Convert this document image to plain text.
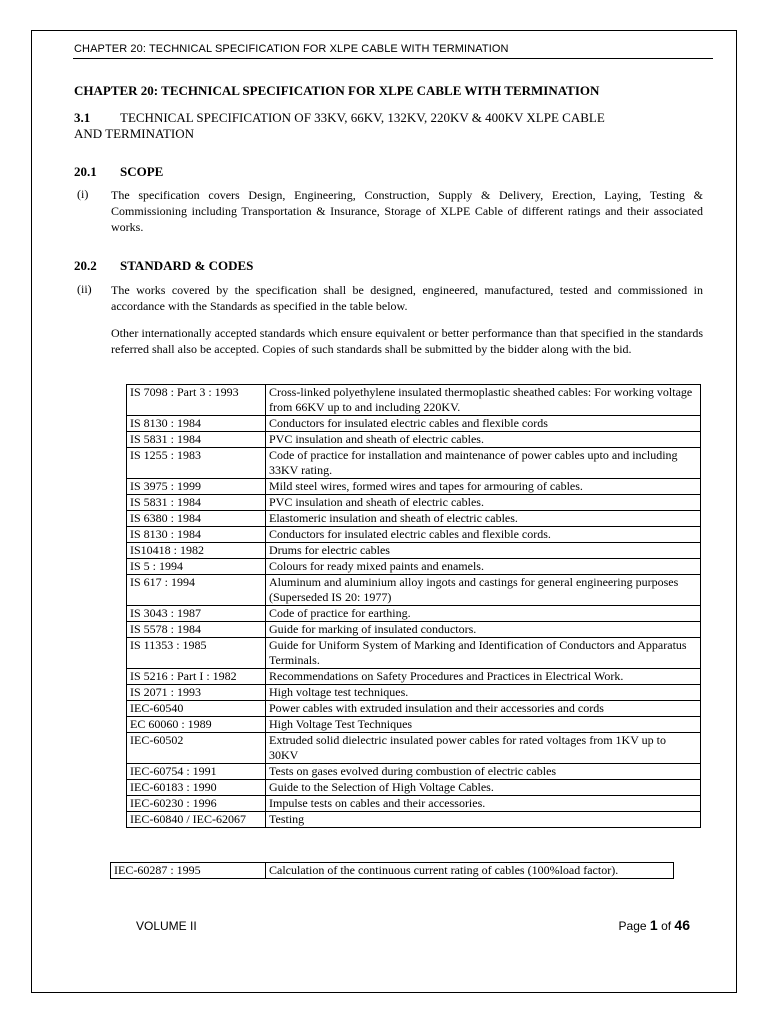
CHAPTER 20: TECHNICAL SPECIFICATION FOR XLPE CABLE WITH TERMINATION
CHAPTER 20: TECHNICAL SPECIFICATION FOR XLPE CABLE WITH TERMINATION
3.1 TECHNICAL SPECIFICATION OF 33KV, 66KV, 132KV, 220KV & 400KV XLPE CABLE AND TERMINATION
20.1 SCOPE
(i) The specification covers Design, Engineering, Construction, Supply & Delivery, Erection, Laying, Testing & Commissioning including Transportation & Insurance, Storage of XLPE Cable of different ratings and their associated works.
20.2 STANDARD & CODES
(ii) The works covered by the specification shall be designed, engineered, manufactured, tested and commissioned in accordance with the Standards as specified in the table below.
Other internationally accepted standards which ensure equivalent or better performance than that specified in the standards referred shall also be accepted. Copies of such standards shall be submitted by the bidder along with the bid.
IS 7098 : Part 3 : 1993	Cross-linked polyethylene insulated thermoplastic sheathed cables: For working voltage from 66KV up to and including 220KV.
IS 8130 : 1984	Conductors for insulated electric cables and flexible cords
IS 5831 : 1984	PVC insulation and sheath of electric cables.
IS 1255 : 1983	Code of practice for installation and maintenance of power cables upto and including 33KV rating.
IS 3975 : 1999	Mild steel wires, formed wires and tapes for armouring of cables.
IS 5831 : 1984	PVC insulation and sheath of electric cables.
IS 6380 : 1984	Elastomeric insulation and sheath of electric cables.
IS 8130 : 1984	Conductors for insulated electric cables and flexible cords.
IS10418 : 1982	Drums for electric cables
IS 5 : 1994	Colours for ready mixed paints and enamels.
IS 617 : 1994	Aluminum and aluminium alloy ingots and castings for general engineering purposes (Superseded IS 20: 1977)
IS 3043 : 1987	Code of practice for earthing.
IS 5578 : 1984	Guide for marking of insulated conductors.
IS 11353 : 1985	Guide for Uniform System of Marking and Identification of Conductors and Apparatus Terminals.
IS 5216 : Part I : 1982	Recommendations on Safety Procedures and Practices in Electrical Work.
IS 2071 : 1993	High voltage test techniques.
IEC-60540	Power cables with extruded insulation and their accessories and cords
EC 60060 : 1989	High Voltage Test Techniques
IEC-60502	Extruded solid dielectric insulated power cables for rated voltages from 1KV up to 30KV
IEC-60754 : 1991	Tests on gases evolved during combustion of electric cables
IEC-60183 : 1990	Guide to the Selection of High Voltage Cables.
IEC-60230 : 1996	Impulse tests on cables and their accessories.
IEC-60840 / IEC-62067	Testing
IEC-60287 : 1995	Calculation of the continuous current rating of cables (100%load factor).
VOLUME II	Page 1 of 46
